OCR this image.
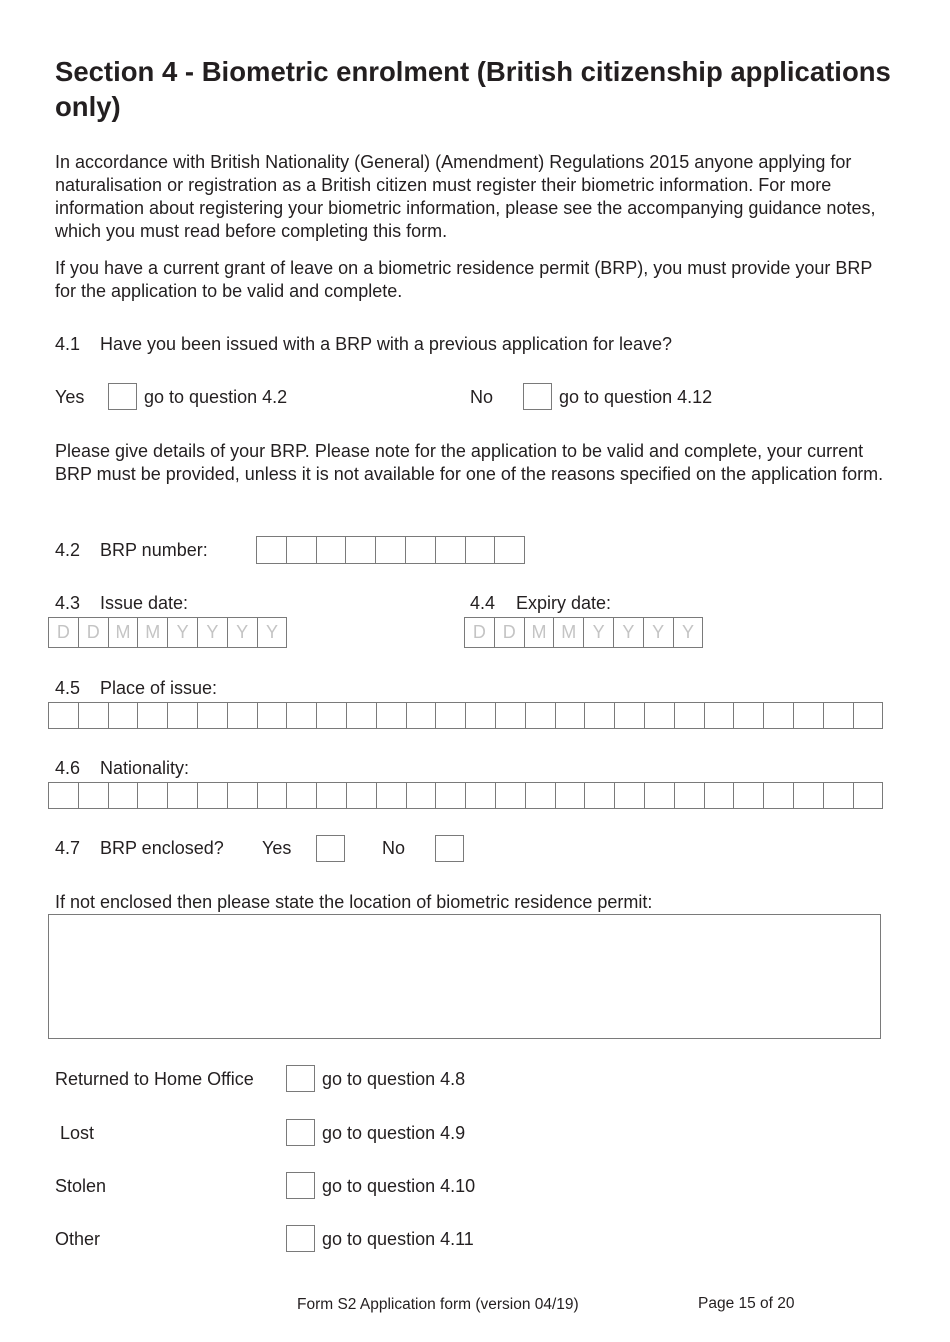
Section 4 - Biometric enrolment (British citizenship applications only)

In accordance with British Nationality (General) (Amendment) Regulations 2015 anyone applying for naturalisation or registration as a British citizen must register their biometric information. For more information about registering your biometric information, please see the accompanying guidance notes, which you must read before completing this form.

If you have a current grant of leave on a biometric residence permit (BRP), you must provide your BRP for the application to be valid and complete.

4.1 Have you been issued with a BRP with a previous application for leave?
Yes	go to question 4.2	No	go to question 4.12

Please give details of your BRP. Please note for the application to be valid and complete, your current BRP must be provided, unless it is not available for one of the reasons specified on the application form.

4.2 BRP number:
4.3 Issue date:
D D M M Y Y Y Y
4.4 Expiry date:
D D M M Y Y Y Y
4.5 Place of issue:
4.6 Nationality:
4.7 BRP enclosed? Yes	No
If not enclosed then please state the location of biometric residence permit:
Returned to Home Office	go to question 4.8
Lost	go to question 4.9
Stolen	go to question 4.10
Other	go to question 4.11
Form S2 Application form (version 04/19)	Page 15 of 20
